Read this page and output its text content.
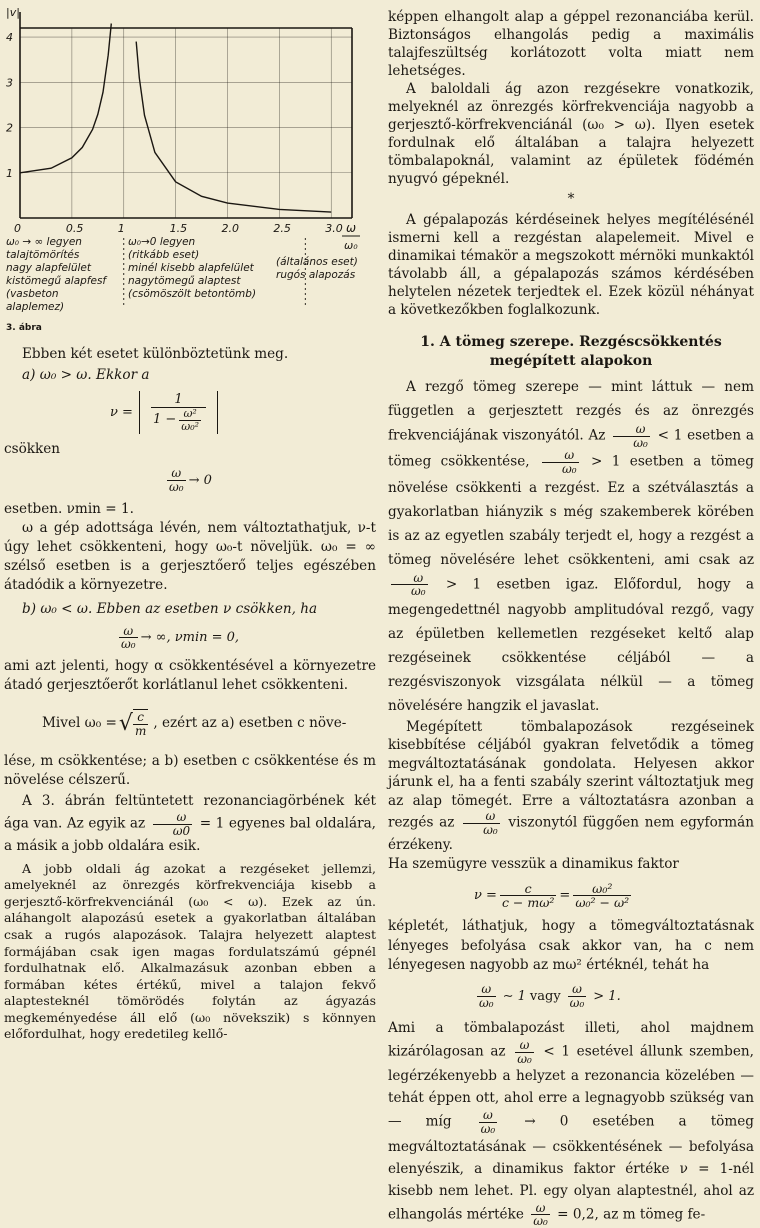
|v|
ω
ω₀
3. ábra
1
2
3
4
0	0.5	1	1.5	2.0	2.5	3.0
ω₀ → ∞ legyen
talajtömörítés
nagy alapfelület
kistömegű alapfesf
(vasbeton alaplemez)
ω₀→0 legyen
(ritkább eset)
minél kisebb alapfelület
nagytömegű alaptest
(csömöszölt betontömb)
(általános eset)
rugós alapozás

Ebben két esetet különböztetünk meg.

a) ω₀ > ω. Ekkor a

$\nu = \frac{1}{1 - \frac{\text{ω²}}{\text{ω₀²}}}$

csökken

$\frac{\omega}{\text{ω₀}} \to 0$

esetben. νmin = 1.

ω a gép adottsága lévén, nem változtathatjuk, ν-t úgy lehet csökkenteni, hogy ω₀-t növeljük. ω₀ = ∞ szélső esetben is a gerjesztőerő teljes egészében átadódik a környezetre.

b) ω₀ < ω. Ebben az esetben ν csökken, ha

$\frac{\omega}{\text{ω₀}}$ → ∞, νmin = 0,

ami azt jelenti, hogy α csökkentésével a környezetre átadó gerjesztőerőt korlátlanul lehet csökkenteni.

Mivel ω₀ = √ $\frac{c}{m}$ , ezért az a) esetben c növe-

lése, m csökkentése; a b) esetben c csökkentése és m növelése célszerű.

A 3. ábrán feltüntetett rezonanciagörbének két ága van. Az egyik az $\frac{\omega}{\omega 0} = 1$ egyenes bal oldalára, a másik a jobb oldalára esik.

A jobb oldali ág azokat a rezgéseket jellemzi, amelyeknél az önrezgés körfrekvenciája kisebb a gerjesztő-körfrekvenciánál (ω₀ < ω). Ezek az ún. aláhangolt alapozású esetek a gyakorlatban általában csak a rugós alapozások. Talajra helyezett alaptest formájában csak igen magas fordulatszámú gépnél fordulhatnak elő. Alkalmazásuk azonban ebben a formában kétes értékű, mivel a talajon fekvő alaptesteknél tömörödés folytán az ágyazás megkeményedése áll elő (ω₀ növekszik) s könnyen előfordulhat, hogy eredetileg kellő-

képpen elhangolt alap a géppel rezonanciába kerül. Biztonságos elhangolás pedig a maximális talajfeszültség korlátozott volta miatt nem lehetséges.

A baloldali ág azon rezgésekre vonatkozik, melyeknél az önrezgés körfrekvenciája nagyobb a gerjesztő-körfrekvenciánál (ω₀ > ω). Ilyen esetek fordulnak elő általában a talajra helyezett tömbalapoknál, valamint az épületek födémén nyugvó gépeknél.

*

A gépalapozás kérdéseinek helyes megítélésénél ismerni kell a rezgéstan alapelemeit. Mivel e dinamikai témakör a megszokott mérnöki munkaktól távolabb áll, a gépalapozás számos kérdésében helytelen nézetek terjedtek el. Ezek közül néhányat a következőkben foglalkozunk.

1. A tömeg szerepe. Rezgéscsökkentés megépített alapokon

A rezgő tömeg szerepe — mint láttuk — nem független a gerjesztett rezgés és az önrezgés frekvenciájának viszonyától. Az $\frac{\omega}{\text{ω₀}} < 1$ esetben a tömeg csökkentése, $\frac{\omega}{\text{ω₀}} > 1$ esetben a tömeg növelése csökkenti a rezgést. Ez a szétválasztás a gyakorlatban hiányzik s még szakemberek körében is az az egyetlen szabály terjedt el, hogy a rezgést a tömeg növelésére lehet csökkenteni, ami csak az
$\frac{\omega}{\text{ω₀}} > 1$ esetben igaz. Előfordul, hogy a megengedettnél nagyobb amplitudóval rezgő, vagy az épületben kellemetlen rezgéseket keltő alap rezgéseinek csökkentése céljából — a rezgésviszonyok vizsgálata nélkül — a tömeg növelésére hangzik el javaslat.

Megépített tömbalapozások rezgéseinek kisebbítése céljából gyakran felvetődik a tömeg megváltoztatásának gondolata. Helyesen akkor járunk el, ha a fenti szabály szerint változtatjuk meg az alap tömegét. Erre a változtatásra azonban a rezgés az $\frac{\omega}{\text{ω₀}}$ viszonytól függően nem egyformán érzékeny.

Ha szemügyre vesszük a dinamikus faktor

$\nu = \frac{c}{\text{c − mω²}} = \frac{\text{ω₀²}}{\text{ω₀² − ω²}}$

képletét, láthatjuk, hogy a tömegváltoztatásnak lényeges befolyása csak akkor van, ha c nem lényegesen nagyobb az mω² értéknél, tehát ha

$\frac{\omega}{\text{ω₀}}$ ∼ 1 vagy $\frac{\omega}{\text{ω₀}} > 1$.

Ami a tömbalapozást illeti, ahol majdnem kizárólagosan az $\frac{\omega}{\text{ω₀}} < 1$ esetével állunk szemben, legérzékenyebb a helyzet a rezonancia közelében — tehát éppen ott, ahol erre a legnagyobb szükség van — míg $\frac{\omega}{\text{ω₀}} \to 0$ esetében a tömeg megváltoztatásának — csökkentésének — befolyása elenyészik, a dinamikus faktor értéke ν = 1-nél kisebb nem lehet. Pl. egy olyan alaptestnél, ahol az elhangolás mértéke $\frac{\omega}{\text{ω₀}} = 0,2$, az m tömeg fe-
